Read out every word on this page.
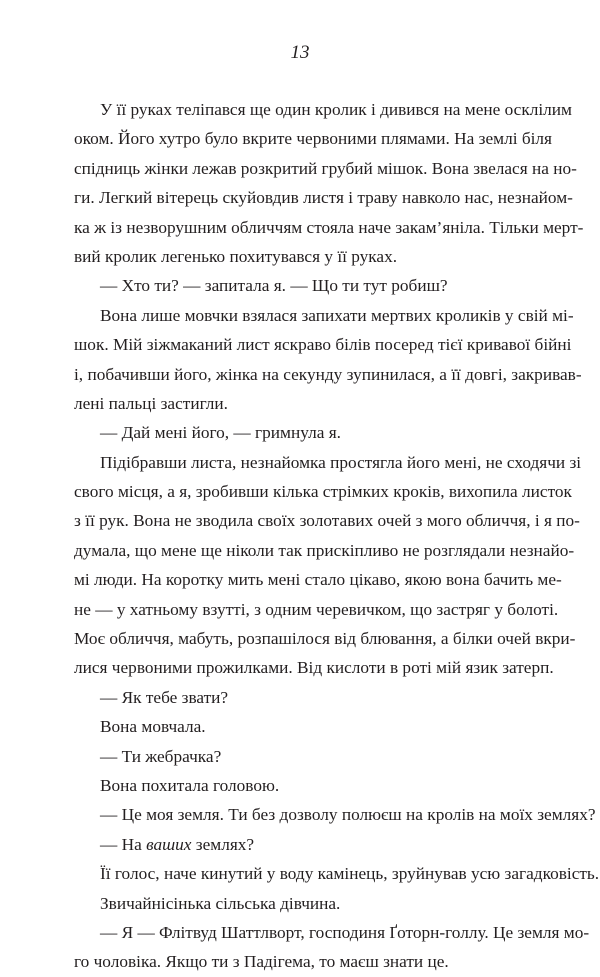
13
У її руках теліпався ще один кролик і дивився на мене осклілим
оком. Його хутро було вкрите червоними плямами. На землі біля
спідниць жінки лежав розкритий грубий мішок. Вона звелася на но-
ги. Легкий вітерець скуйовдив листя і траву навколо нас, незнайом-
ка ж із незворушним обличчям стояла наче закам’яніла. Тільки мерт-
вий кролик легенько похитувався у її руках.
— Хто ти? — запитала я. — Що ти тут робиш?
Вона лише мовчки взялася запихати мертвих кроликів у свій мі-
шок. Мій зіжмаканий лист яскраво білів посеред тієї кривавої бійні
і, побачивши його, жінка на секунду зупинилася, а її довгі, закривав-
лені пальці застигли.
— Дай мені його, — гримнула я.
Підібравши листа, незнайомка простягла його мені, не сходячи зі
свого місця, а я, зробивши кілька стрімких кроків, вихопила листок
з її рук. Вона не зводила своїх золотавих очей з мого обличчя, і я по-
думала, що мене ще ніколи так прискіпливо не розглядали незнайо-
мі люди. На коротку мить мені стало цікаво, якою вона бачить ме-
не — у хатньому взутті, з одним черевичком, що застряг у болоті.
Моє обличчя, мабуть, розпашілося від блювання, а білки очей вкри-
лися червоними прожилками. Від кислоти в роті мій язик затерп.
— Як тебе звати?
Вона мовчала.
— Ти жебрачка?
Вона похитала головою.
— Це моя земля. Ти без дозволу полюєш на кролів на моїх землях?
— На ваших землях?
Її голос, наче кинутий у воду камінець, зруйнував усю загадковість.
Звичайнісінька сільська дівчина.
— Я — Флітвуд Шаттлворт, господиня Ґоторн-голлу. Це земля мо-
го чоловіка. Якщо ти з Падігема, то маєш знати це.
